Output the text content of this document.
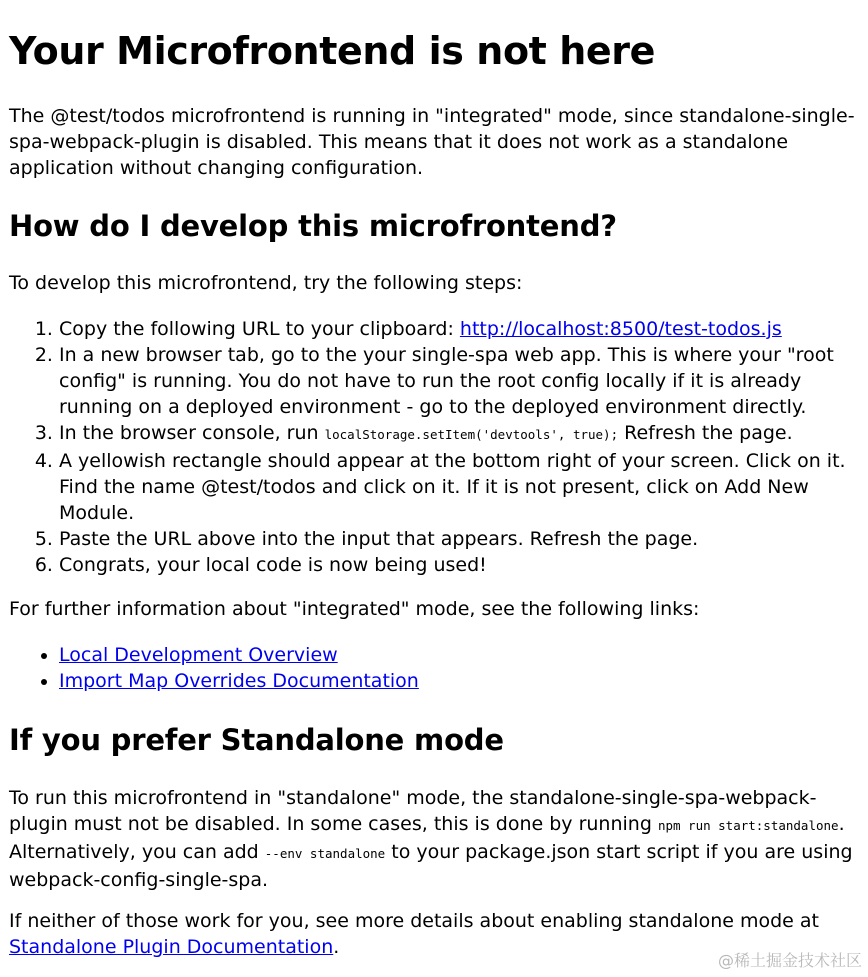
Your Microfrontend is not here

The @test/todos microfrontend is running in "integrated" mode, since standalone-single-spa-webpack-plugin is disabled. This means that it does not work as a standalone application without changing configuration.

How do I develop this microfrontend?

To develop this microfrontend, try the following steps:

1. Copy the following URL to your clipboard: http://localhost:8500/test-todos.js
2. In a new browser tab, go to the your single-spa web app. This is where your "root config" is running. You do not have to run the root config locally if it is already running on a deployed environment - go to the deployed environment directly.
3. In the browser console, run localStorage.setItem('devtools', true); Refresh the page.
4. A yellowish rectangle should appear at the bottom right of your screen. Click on it. Find the name @test/todos and click on it. If it is not present, click on Add New Module.
5. Paste the URL above into the input that appears. Refresh the page.
6. Congrats, your local code is now being used!

For further information about "integrated" mode, see the following links:

• Local Development Overview
• Import Map Overrides Documentation
If you prefer Standalone mode

To run this microfrontend in "standalone" mode, the standalone-single-spa-webpack-plugin must not be disabled. In some cases, this is done by running npm run start:standalone. Alternatively, you can add --env standalone to your package.json start script if you are using webpack-config-single-spa.

If neither of those work for you, see more details about enabling standalone mode at Standalone Plugin Documentation.

@稀土掘金技术社区
